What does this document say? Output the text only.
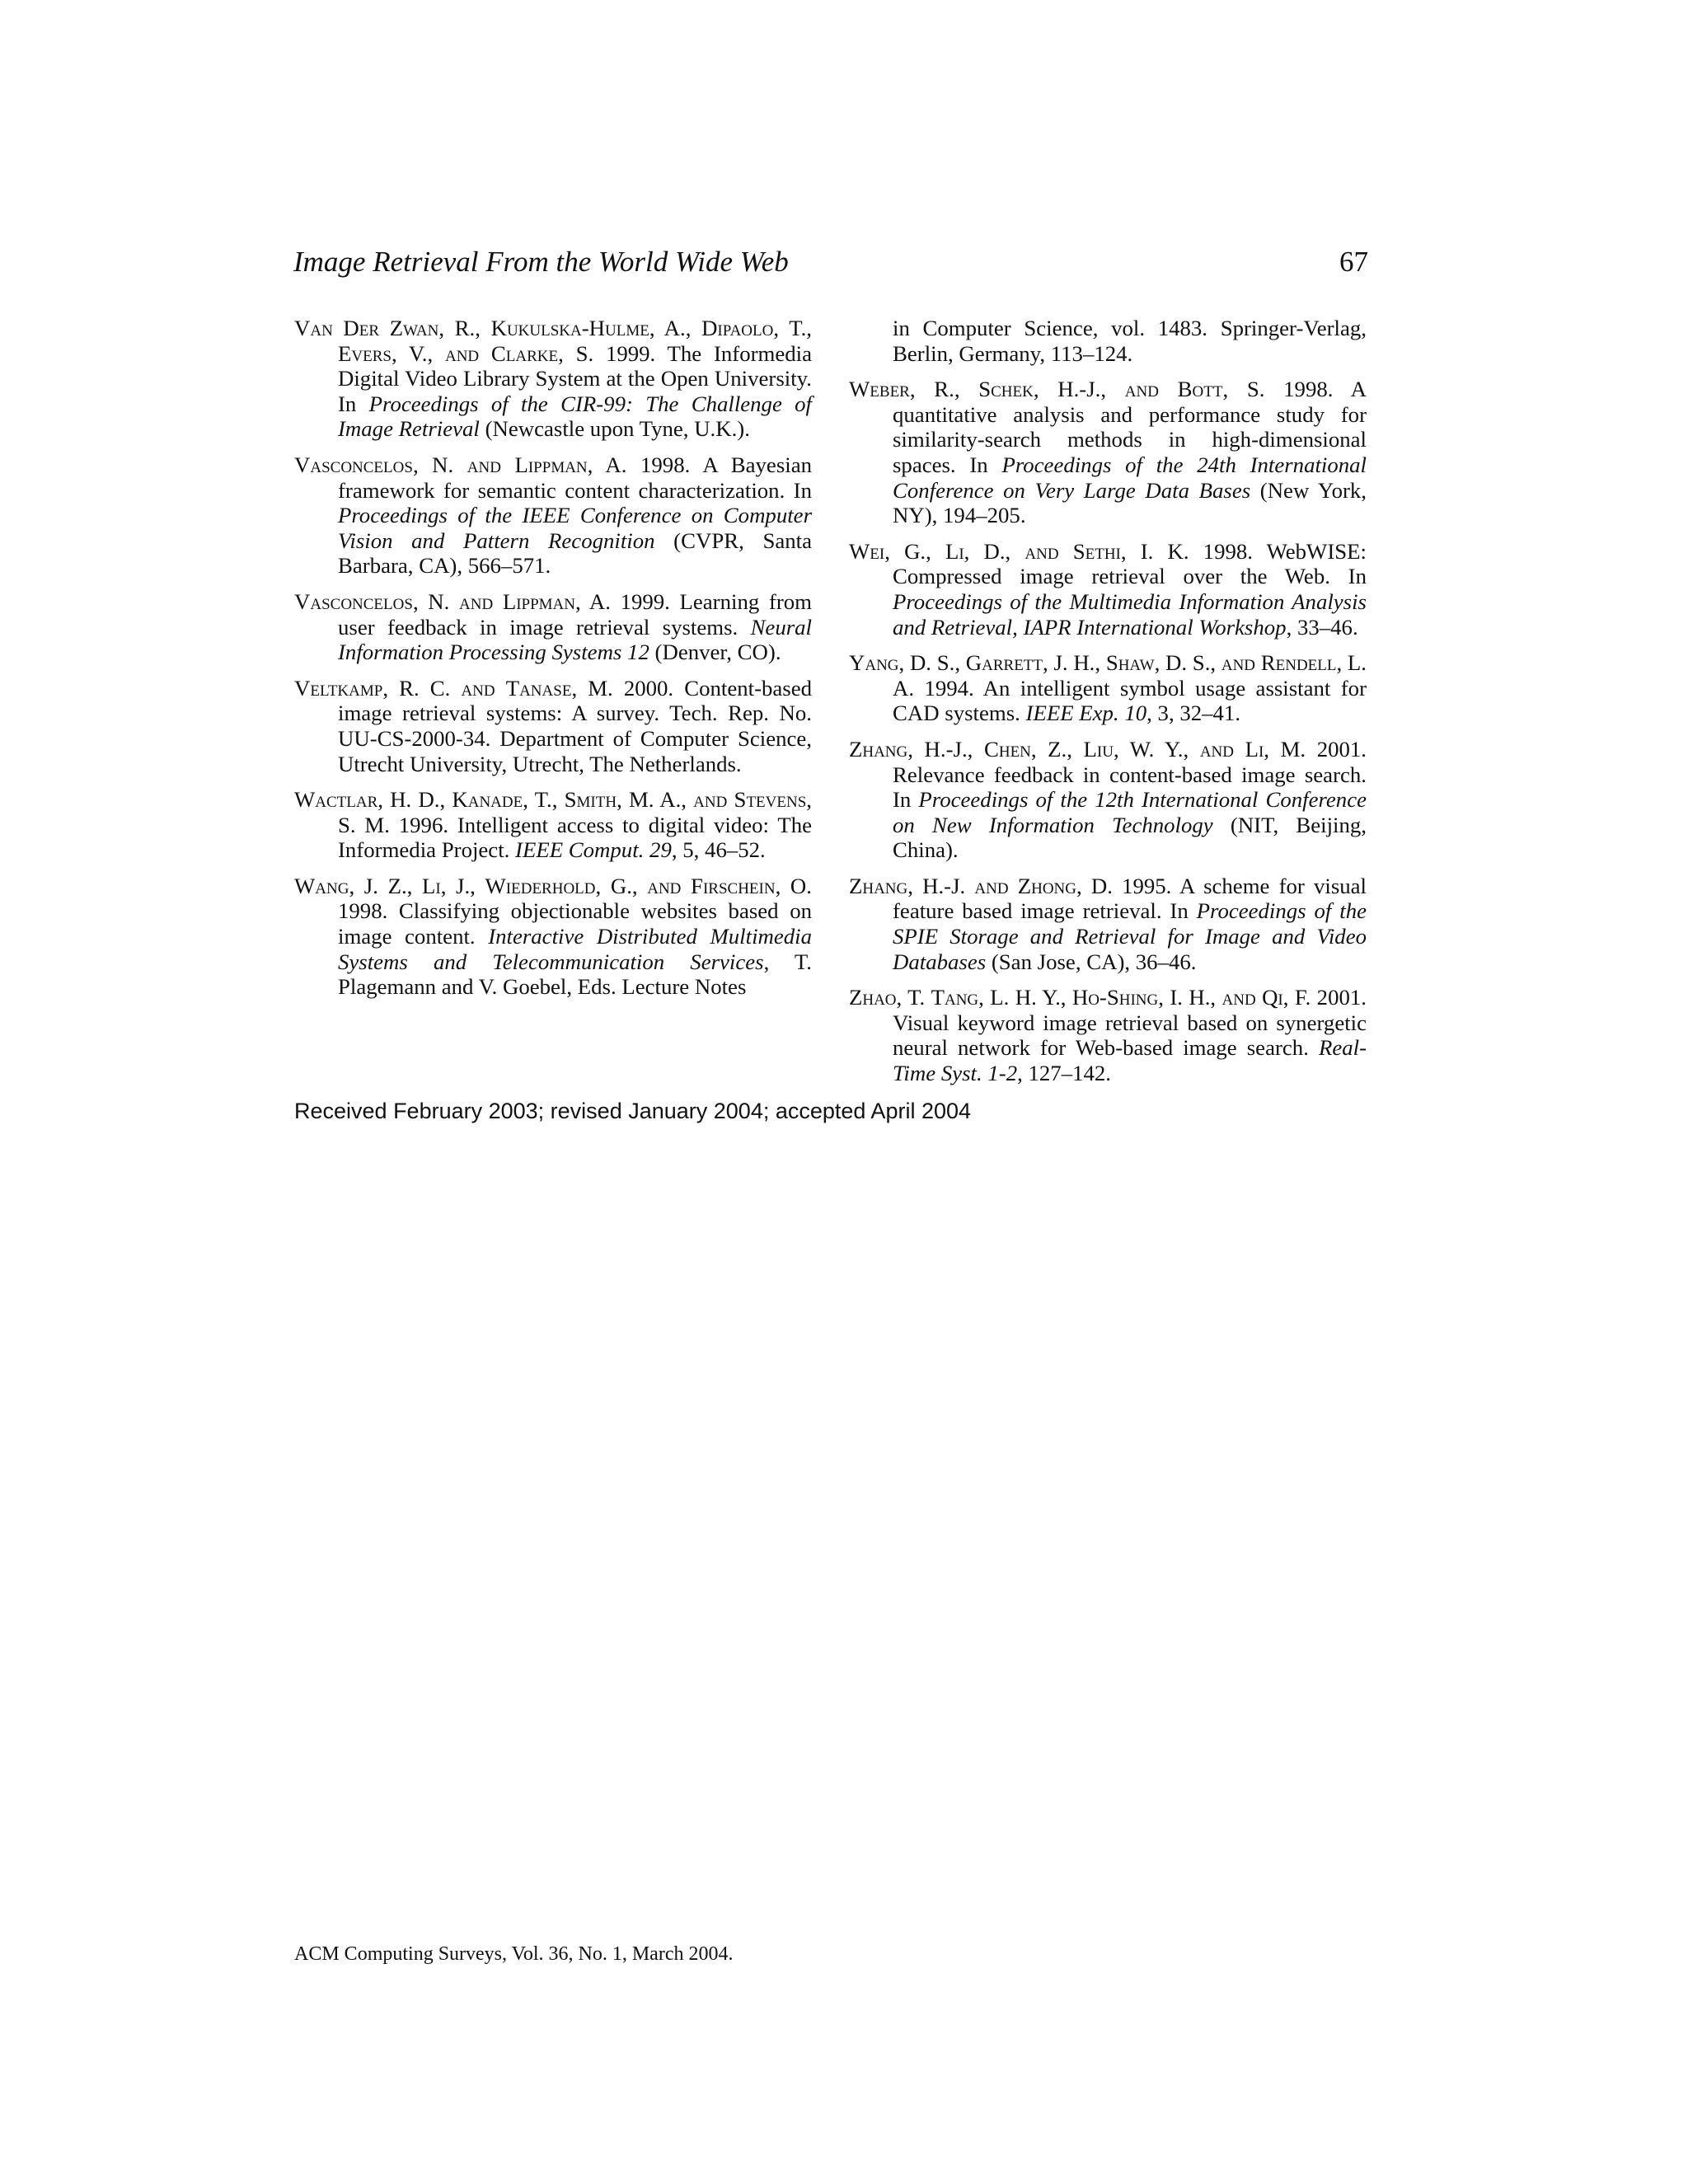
Image Retrieval From the World Wide Web	67

Van Der Zwan, R., Kukulska-Hulme, A., Dipaolo, T., Evers, V., and Clarke, S. 1999. The Informedia Digital Video Library System at the Open University. In Proceedings of the CIR-99: The Challenge of Image Retrieval (Newcastle upon Tyne, U.K.).

Vasconcelos, N. and Lippman, A. 1998. A Bayesian framework for semantic content characterization. In Proceedings of the IEEE Conference on Computer Vision and Pattern Recognition (CVPR, Santa Barbara, CA), 566–571.

Vasconcelos, N. and Lippman, A. 1999. Learning from user feedback in image retrieval systems. Neural Information Processing Systems 12 (Denver, CO).

Veltkamp, R. C. and Tanase, M. 2000. Content-based image retrieval systems: A survey. Tech. Rep. No. UU-CS-2000-34. Department of Computer Science, Utrecht University, Utrecht, The Netherlands.

Wactlar, H. D., Kanade, T., Smith, M. A., and Stevens, S. M. 1996. Intelligent access to digital video: The Informedia Project. IEEE Comput. 29, 5, 46–52.

Wang, J. Z., Li, J., Wiederhold, G., and Firschein, O. 1998. Classifying objectionable websites based on image content. Interactive Distributed Multimedia Systems and Telecommunication Services, T. Plagemann and V. Goebel, Eds. Lecture Notes

in Computer Science, vol. 1483. Springer-Verlag, Berlin, Germany, 113–124.

Weber, R., Schek, H.-J., and Bott, S. 1998. A quantitative analysis and performance study for similarity-search methods in high-dimensional spaces. In Proceedings of the 24th International Conference on Very Large Data Bases (New York, NY), 194–205.

Wei, G., Li, D., and Sethi, I. K. 1998. WebWISE: Compressed image retrieval over the Web. In Proceedings of the Multimedia Information Analysis and Retrieval, IAPR International Workshop, 33–46.

Yang, D. S., Garrett, J. H., Shaw, D. S., and Rendell, L. A. 1994. An intelligent symbol usage assistant for CAD systems. IEEE Exp. 10, 3, 32–41.

Zhang, H.-J., Chen, Z., Liu, W. Y., and Li, M. 2001. Relevance feedback in content-based image search. In Proceedings of the 12th International Conference on New Information Technology (NIT, Beijing, China).

Zhang, H.-J. and Zhong, D. 1995. A scheme for visual feature based image retrieval. In Proceedings of the SPIE Storage and Retrieval for Image and Video Databases (San Jose, CA), 36–46.

Zhao, T. Tang, L. H. Y., Ho-Shing, I. H., and Qi, F. 2001. Visual keyword image retrieval based on synergetic neural network for Web-based image search. Real-Time Syst. 1-2, 127–142.

Received February 2003; revised January 2004; accepted April 2004
ACM Computing Surveys, Vol. 36, No. 1, March 2004.
